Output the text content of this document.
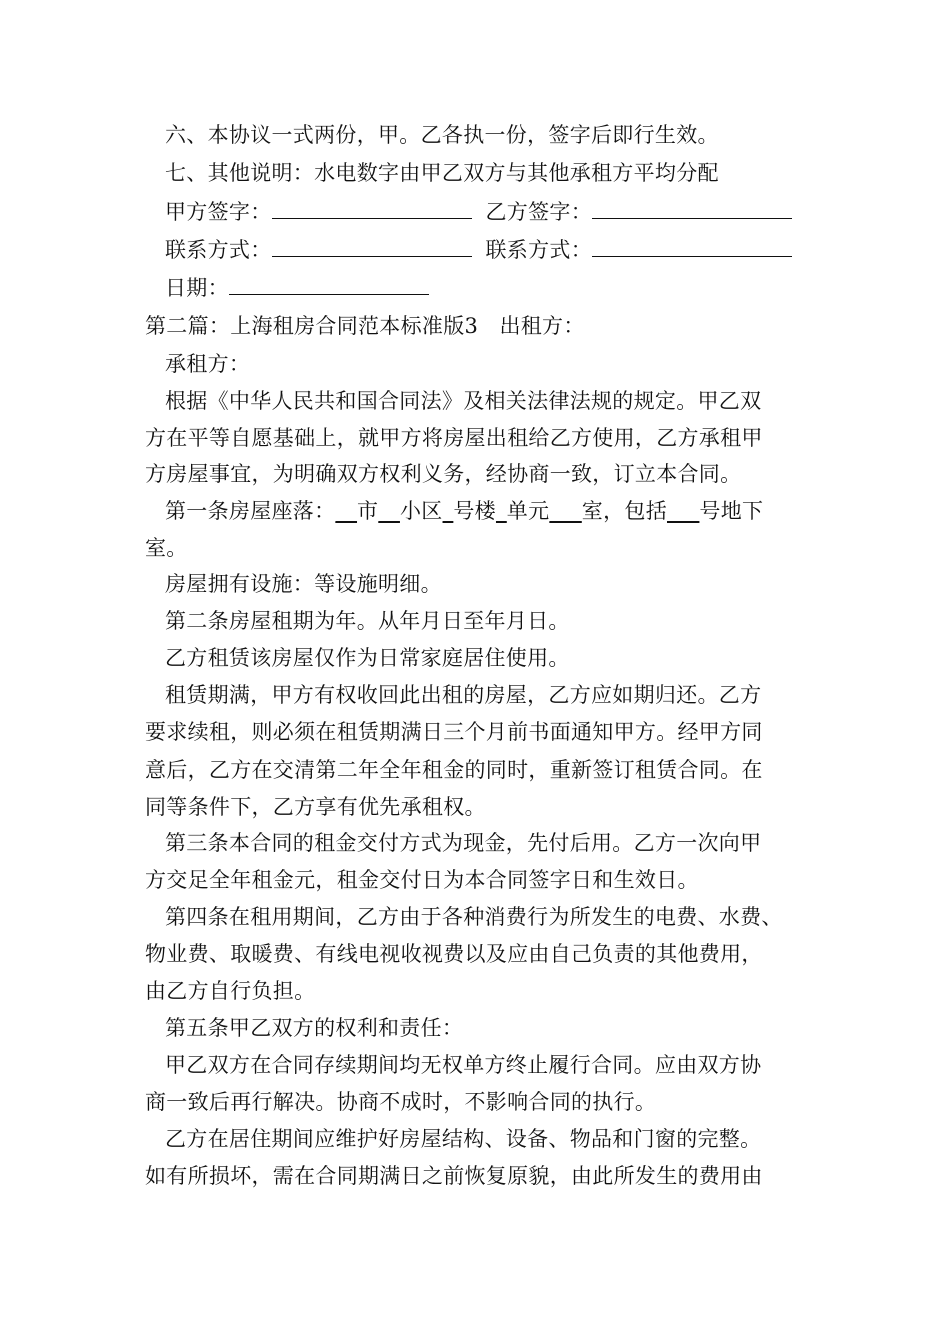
六、本协议一式两份，甲。乙各执一份，签字后即行生效。
七、其他说明：水电数字由甲乙双方与其他承租方平均分配
甲方签字：	乙方签字：
联系方式：	联系方式：
日期：
第二篇：上海租房合同范本标准版3　出租方：
承租方：
根据《中华人民共和国合同法》及相关法律法规的规定。甲乙双
方在平等自愿基础上，就甲方将房屋出租给乙方使用，乙方承租甲
方房屋事宜，为明确双方权利义务，经协商一致，订立本合同。
第一条房屋座落：__市__小区_号楼_单元___室，包括___号地下
室。
房屋拥有设施：等设施明细。
第二条房屋租期为年。从年月日至年月日。
乙方租赁该房屋仅作为日常家庭居住使用。
租赁期满，甲方有权收回此出租的房屋，乙方应如期归还。乙方
要求续租，则必须在租赁期满日三个月前书面通知甲方。经甲方同
意后，乙方在交清第二年全年租金的同时，重新签订租赁合同。在
同等条件下，乙方享有优先承租权。
第三条本合同的租金交付方式为现金，先付后用。乙方一次向甲
方交足全年租金元，租金交付日为本合同签字日和生效日。
第四条在租用期间，乙方由于各种消费行为所发生的电费、水费、
物业费、取暖费、有线电视收视费以及应由自己负责的其他费用，
由乙方自行负担。
第五条甲乙双方的权利和责任：
甲乙双方在合同存续期间均无权单方终止履行合同。应由双方协
商一致后再行解决。协商不成时，不影响合同的执行。
乙方在居住期间应维护好房屋结构、设备、物品和门窗的完整。
如有所损坏，需在合同期满日之前恢复原貌，由此所发生的费用由
